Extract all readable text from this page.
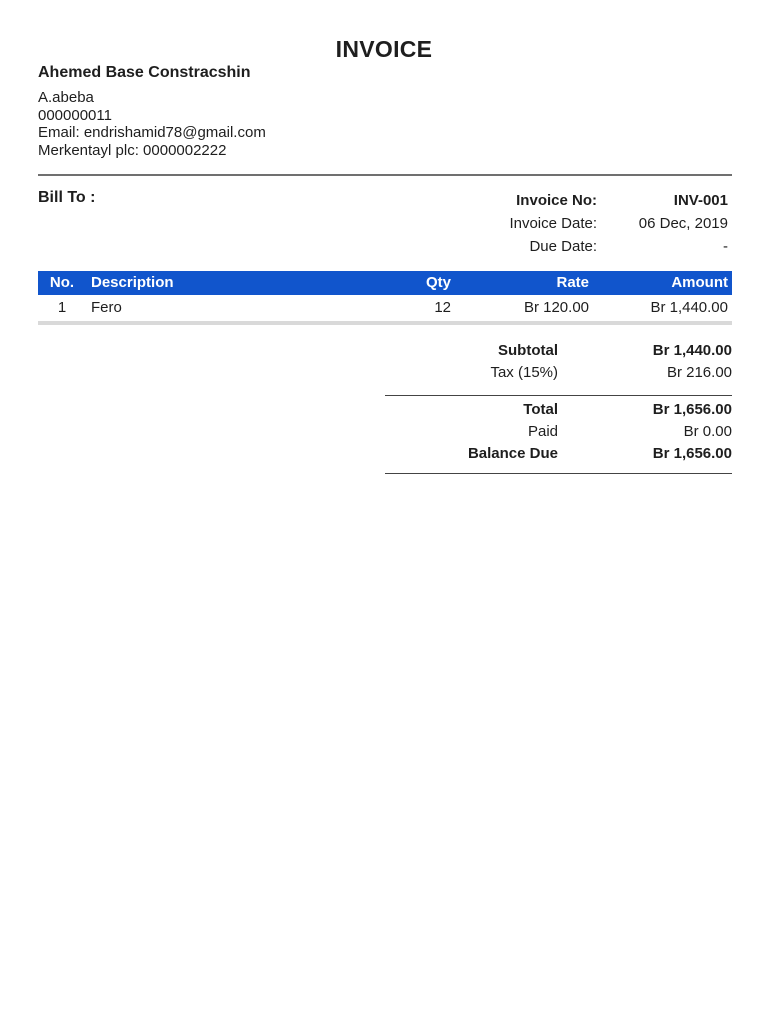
INVOICE
Ahemed Base Constracshin
A.abeba
000000011
Email: endrishamid78@gmail.com
Merkentayl plc: 0000002222
Bill To :	Invoice No:	INV-001
Invoice Date:	06 Dec, 2019
Due Date:	-
No.	Description	Qty	Rate	Amount
1	Fero	12	Br 120.00	Br 1,440.00
Subtotal	Br 1,440.00
Tax (15%)	Br 216.00
Total	Br 1,656.00
Paid	Br 0.00
Balance Due	Br 1,656.00
